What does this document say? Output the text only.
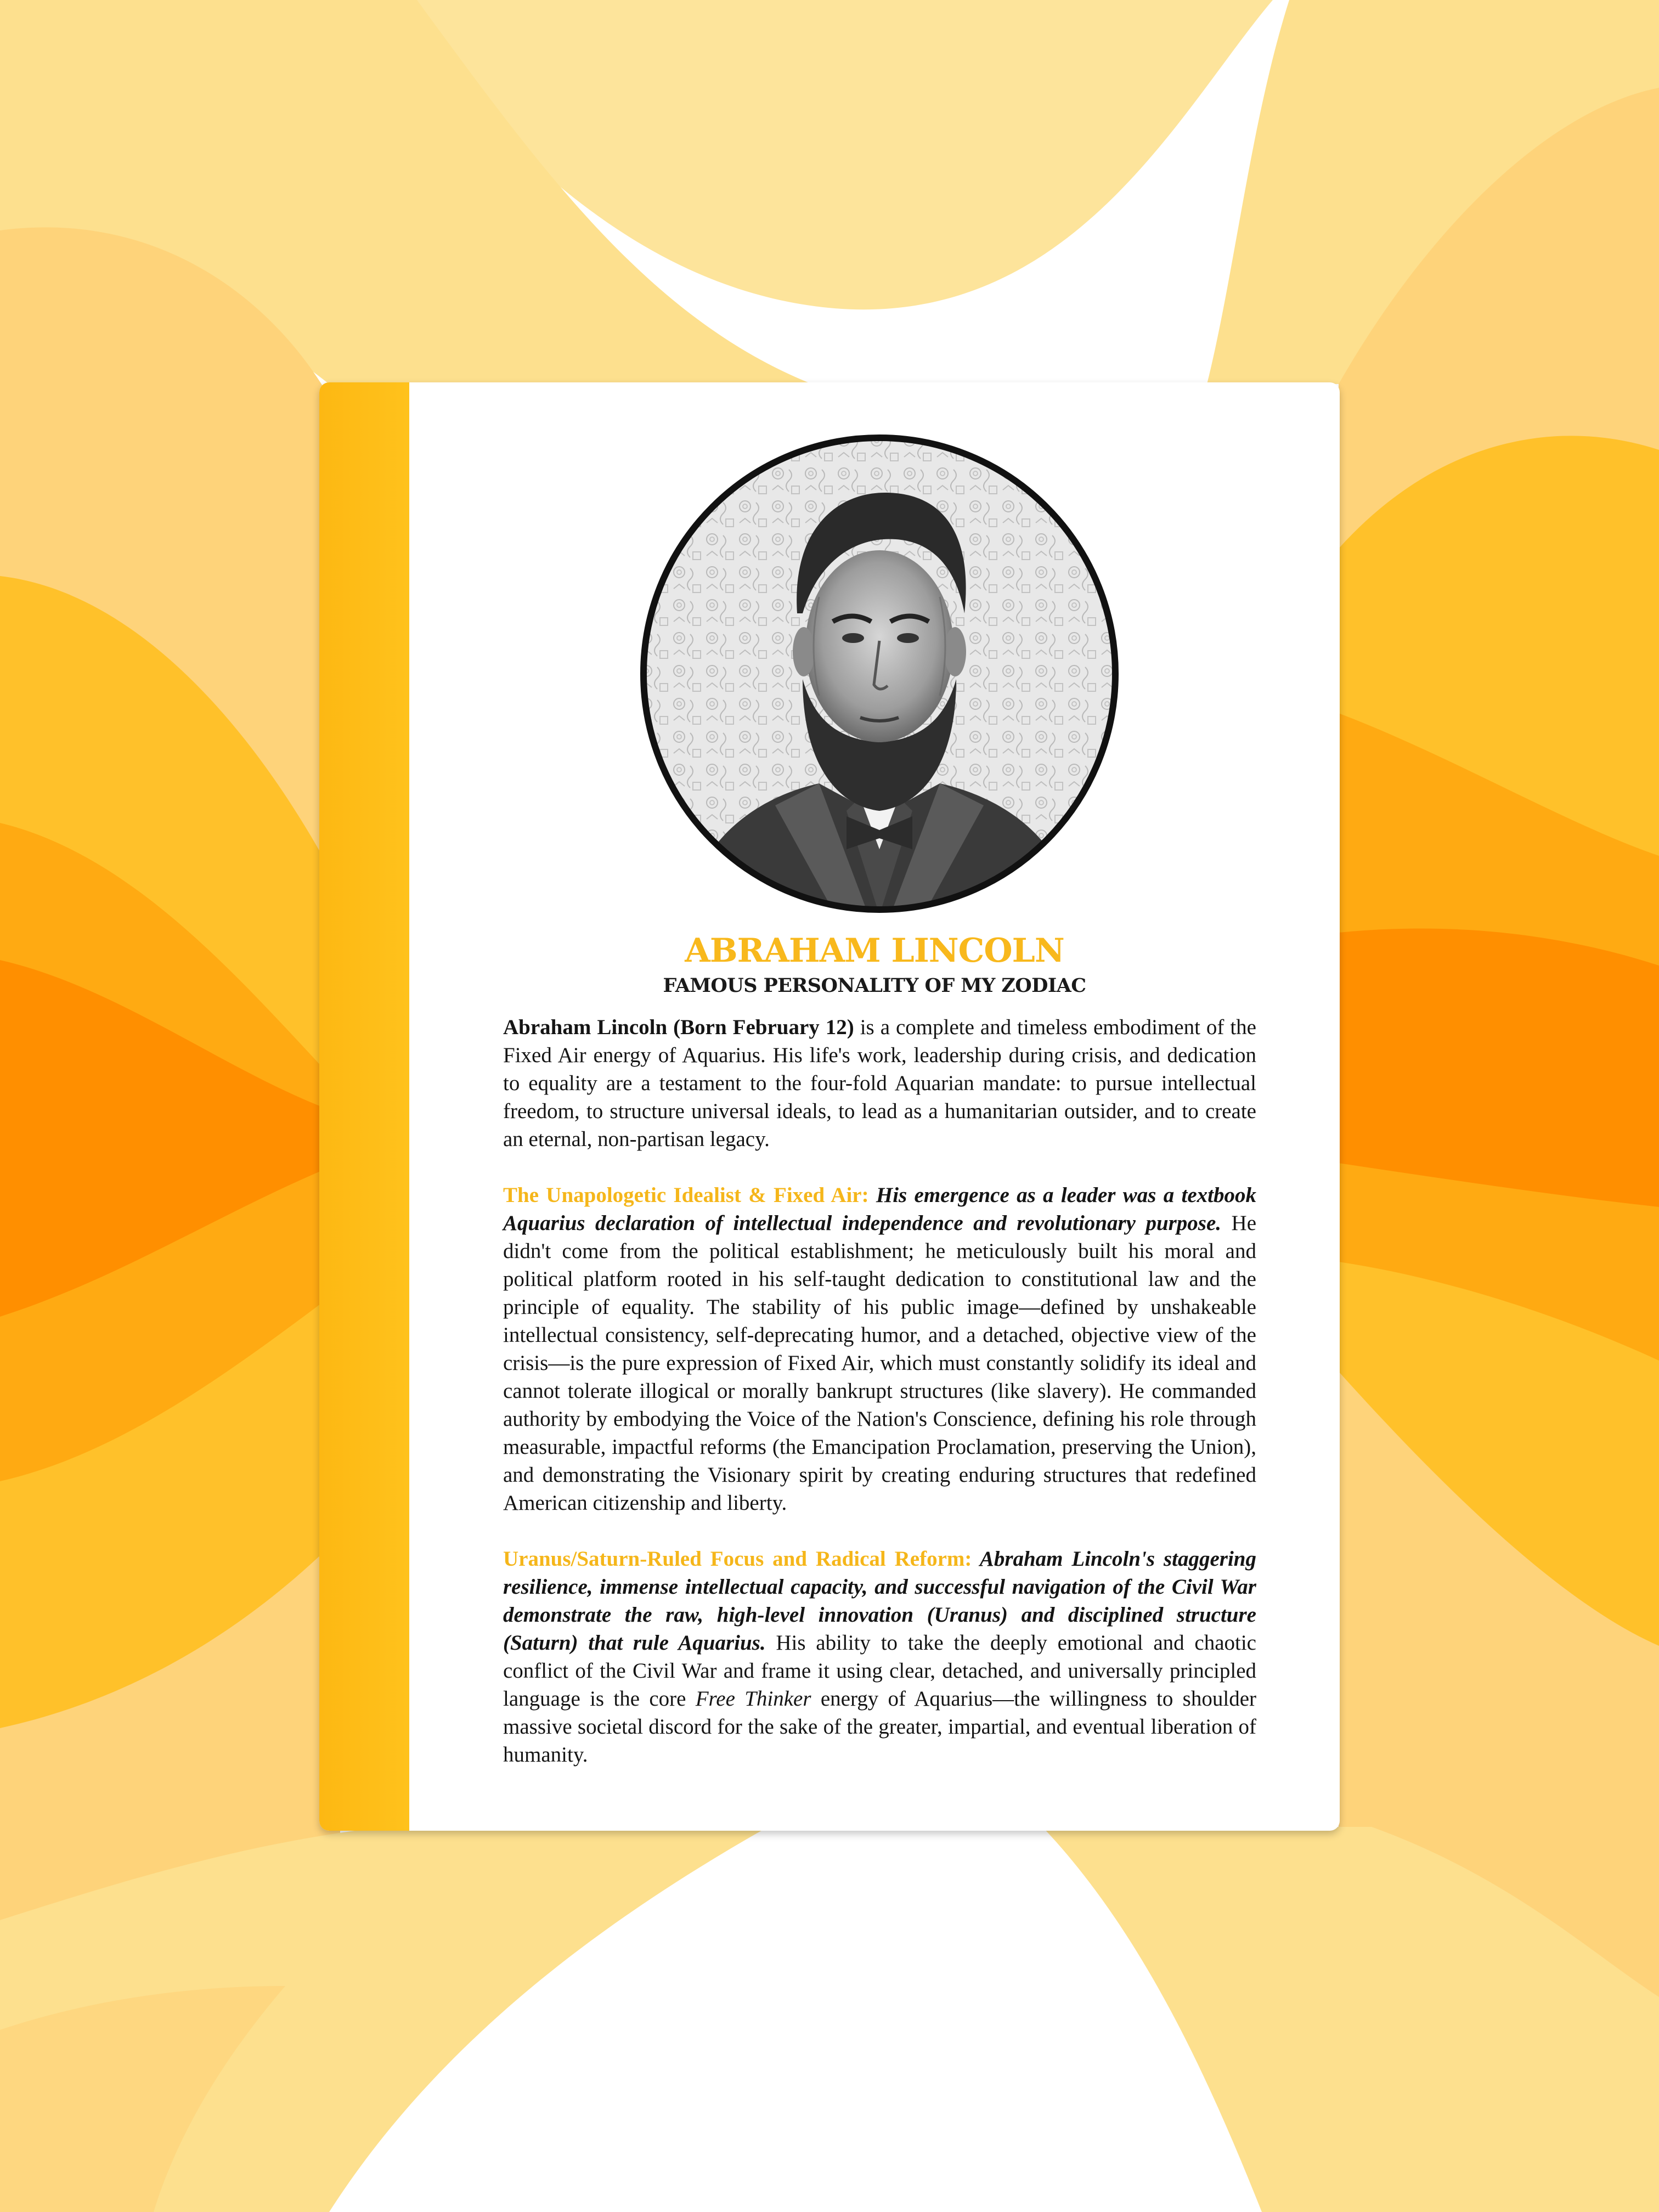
ABRAHAM LINCOLN
FAMOUS PERSONALITY OF MY ZODIAC

Abraham Lincoln (Born February 12) is a complete and timeless embodiment of the Fixed Air energy of Aquarius. His life's work, leadership during crisis, and dedication to equality are a testament to the four-fold Aquarian mandate: to pursue intellectual freedom, to structure universal ideals, to lead as a humanitarian outsider, and to create an eternal, non-partisan legacy.

The Unapologetic Idealist & Fixed Air: His emergence as a leader was a textbook Aquarius declaration of intellectual independence and revolutionary purpose. He didn't come from the political establishment; he meticulously built his moral and political platform rooted in his self-taught dedication to constitutional law and the principle of equality. The stability of his public image—defined by unshakeable intellectual consistency, self-deprecating humor, and a detached, objective view of the crisis—is the pure expression of Fixed Air, which must constantly solidify its ideal and cannot tolerate illogical or morally bankrupt structures (like slavery). He commanded authority by embodying the Voice of the Nation's Conscience, defining his role through measurable, impactful reforms (the Emancipation Proclamation, preserving the Union), and demonstrating the Visionary spirit by creating enduring structures that redefined American citizenship and liberty.

Uranus/Saturn-Ruled Focus and Radical Reform: Abraham Lincoln's staggering resilience, immense intellectual capacity, and successful navigation of the Civil War demonstrate the raw, high-level innovation (Uranus) and disciplined structure (Saturn) that rule Aquarius. His ability to take the deeply emotional and chaotic conflict of the Civil War and frame it using clear, detached, and universally principled language is the core Free Thinker energy of Aquarius—the willingness to shoulder massive societal discord for the sake of the greater, impartial, and eventual liberation of humanity.
